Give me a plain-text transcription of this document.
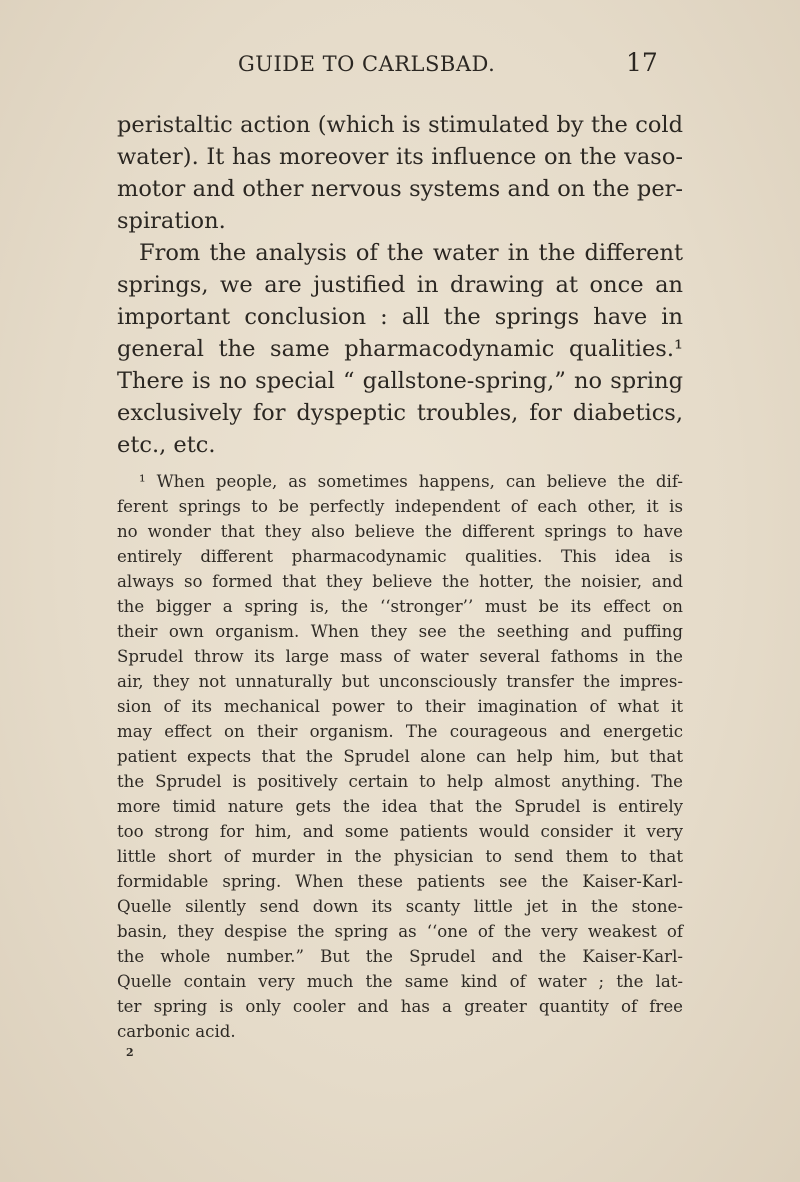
GUIDE TO CARLSBAD.	17
peristaltic action (which is stimulated by the cold
water). It has moreover its influence on the vaso-
motor and other nervous systems and on the per-
spiration.
From the analysis of the water in the different
springs, we are justified in drawing at once an
important conclusion : all the springs have in
general the same pharmacodynamic qualities.¹
There is no special “ gallstone-spring,” no spring
exclusively for dyspeptic troubles, for diabetics,
etc., etc.
¹ When people, as sometimes happens, can believe the dif-
ferent springs to be perfectly independent of each other, it is
no wonder that they also believe the different springs to have
entirely different pharmacodynamic qualities. This idea is
always so formed that they believe the hotter, the noisier, and
the bigger a spring is, the ‘‘stronger’’ must be its effect on
their own organism. When they see the seething and puffing
Sprudel throw its large mass of water several fathoms in the
air, they not unnaturally but unconsciously transfer the impres-
sion of its mechanical power to their imagination of what it
may effect on their organism. The courageous and energetic
patient expects that the Sprudel alone can help him, but that
the Sprudel is positively certain to help almost anything. The
more timid nature gets the idea that the Sprudel is entirely
too strong for him, and some patients would consider it very
little short of murder in the physician to send them to that
formidable spring. When these patients see the Kaiser-Karl-
Quelle silently send down its scanty little jet in the stone-
basin, they despise the spring as ‘‘one of the very weakest of
the whole number.” But the Sprudel and the Kaiser-Karl-
Quelle contain very much the same kind of water ; the lat-
ter spring is only cooler and has a greater quantity of free
carbonic acid.
2
